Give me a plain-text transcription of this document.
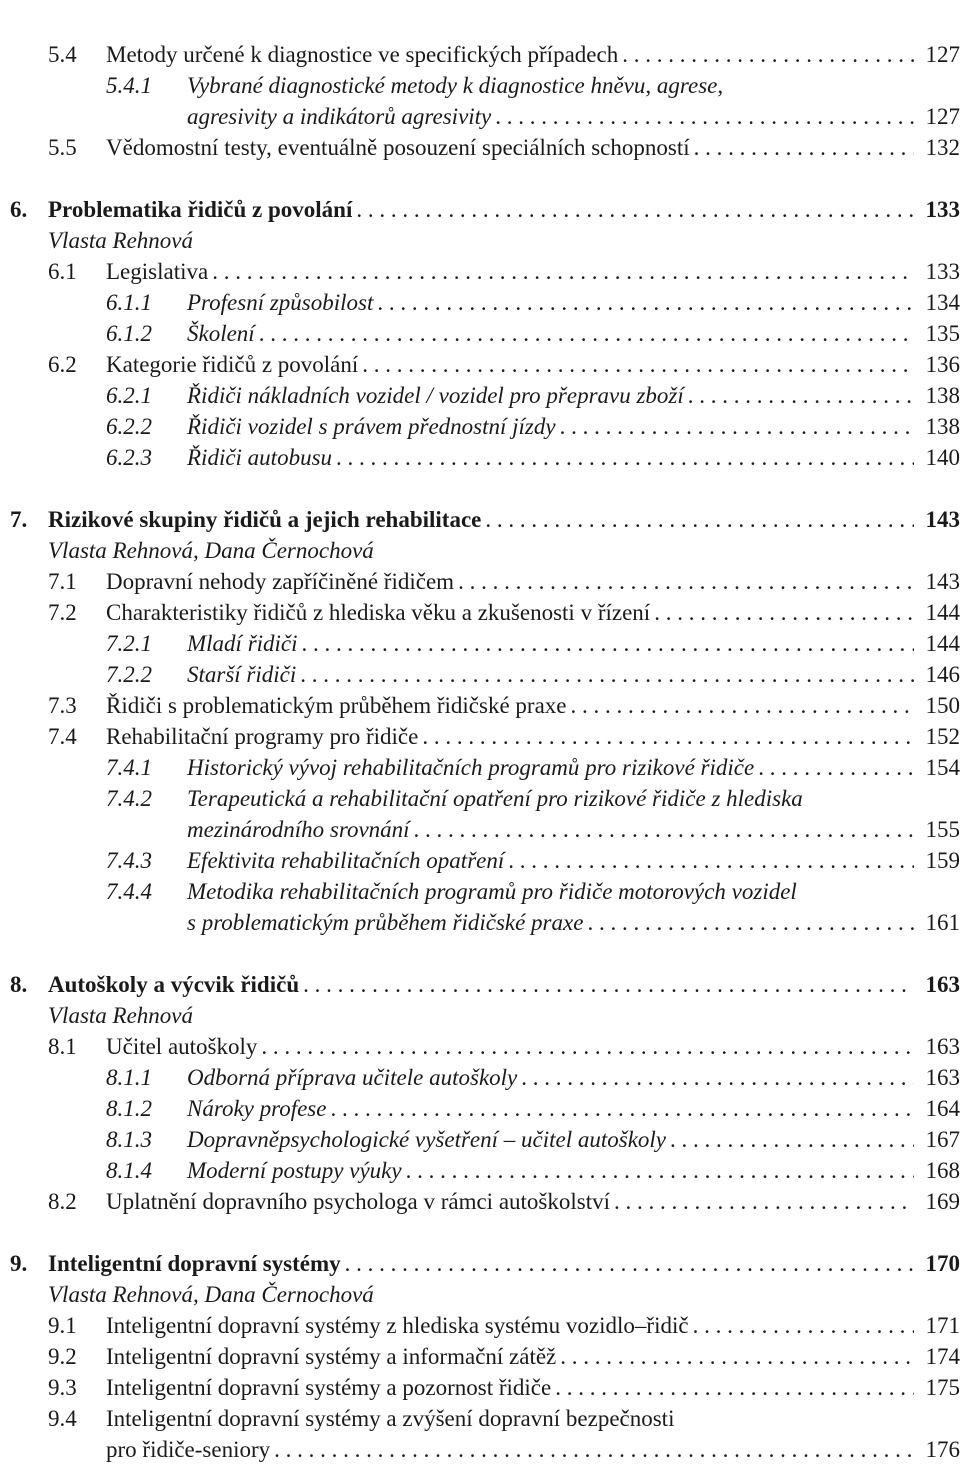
5.4 Metody určené k diagnostice ve specifických případech . . .	127
5.4.1 Vybrané diagnostické metody k diagnostice hněvu, agrese,
agresivity a indikátorů agresivity . . .	127
5.5 Vědomostní testy, eventuálně posouzení speciálních schopností . . .	132
6. Problematika řidičů z povolání . . .	133
Vlasta Rehnová
6.1 Legislativa . . .	133
6.1.1 Profesní způsobilost . . .	134
6.1.2 Školení . . .	135
6.2 Kategorie řidičů z povolání . . .	136
6.2.1 Řidiči nákladních vozidel / vozidel pro přepravu zboží . . .	138
6.2.2 Řidiči vozidel s právem přednostní jízdy . . .	138
6.2.3 Řidiči autobusu . . .	140
7. Rizikové skupiny řidičů a jejich rehabilitace . . .	143
Vlasta Rehnová, Dana Černochová
7.1 Dopravní nehody zapříčiněné řidičem . . .	143
7.2 Charakteristiky řidičů z hlediska věku a zkušenosti v řízení . . .	144
7.2.1 Mladí řidiči . . .	144
7.2.2 Starší řidiči . . .	146
7.3 Řidiči s problematickým průběhem řidičské praxe . . .	150
7.4 Rehabilitační programy pro řidiče . . .	152
7.4.1 Historický vývoj rehabilitačních programů pro rizikové řidiče . . .	154
7.4.2 Terapeutická a rehabilitační opatření pro rizikové řidiče z hlediska
mezinárodního srovnání . . .	155
7.4.3 Efektivita rehabilitačních opatření . . .	159
7.4.4 Metodika rehabilitačních programů pro řidiče motorových vozidel
s problematickým průběhem řidičské praxe . . .	161
8. Autoškoly a výcvik řidičů . . .	163
Vlasta Rehnová
8.1 Učitel autoškoly . . .	163
8.1.1 Odborná příprava učitele autoškoly . . .	163
8.1.2 Nároky profese . . .	164
8.1.3 Dopravněpsychologické vyšetření – učitel autoškoly . . .	167
8.1.4 Moderní postupy výuky . . .	168
8.2 Uplatnění dopravního psychologa v rámci autoškolství . . .	169
9. Inteligentní dopravní systémy . . .	170
Vlasta Rehnová, Dana Černochová
9.1 Inteligentní dopravní systémy z hlediska systému vozidlo–řidič . . .	171
9.2 Inteligentní dopravní systémy a informační zátěž . . .	174
9.3 Inteligentní dopravní systémy a pozornost řidiče . . .	175
9.4 Inteligentní dopravní systémy a zvýšení dopravní bezpečnosti
pro řidiče-seniory . . .	176
